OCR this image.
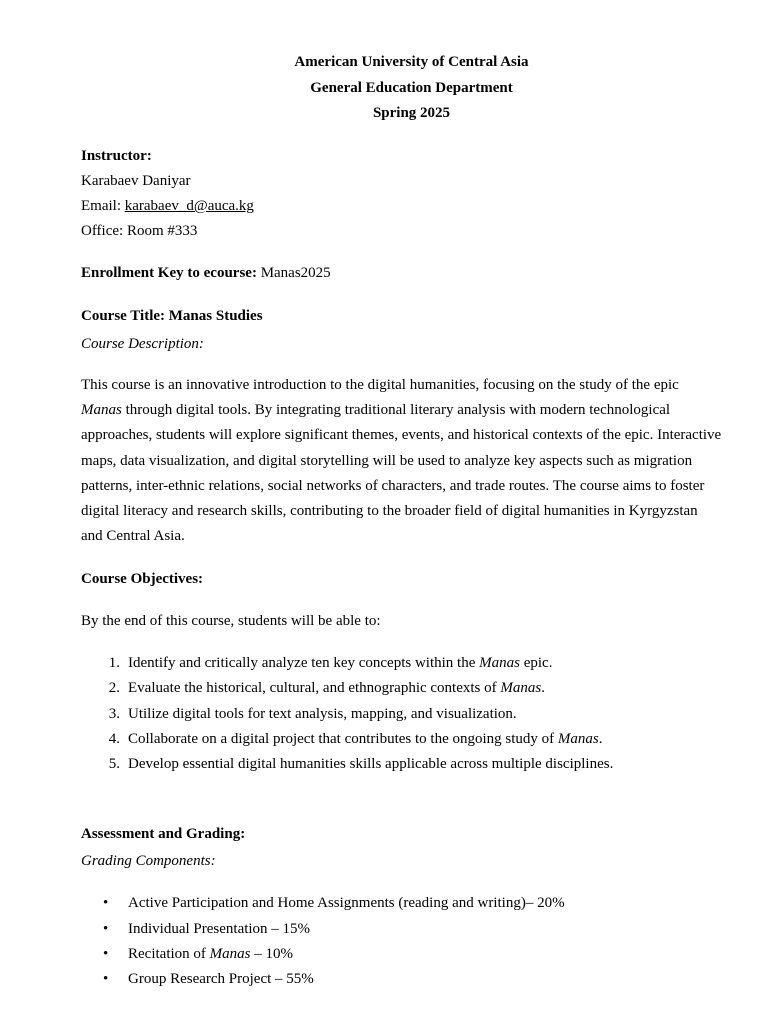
American University of Central Asia
General Education Department
Spring 2025
Instructor:
Karabaev Daniyar
Email: karabaev_d@auca.kg
Office: Room #333
Enrollment Key to ecourse: Manas2025
Course Title: Manas Studies
Course Description:
This course is an innovative introduction to the digital humanities, focusing on the study of the epic
Manas through digital tools. By integrating traditional literary analysis with modern technological
approaches, students will explore significant themes, events, and historical contexts of the epic. Interactive
maps, data visualization, and digital storytelling will be used to analyze key aspects such as migration
patterns, inter-ethnic relations, social networks of characters, and trade routes. The course aims to foster
digital literacy and research skills, contributing to the broader field of digital humanities in Kyrgyzstan
and Central Asia.
Course Objectives:
By the end of this course, students will be able to:
1. Identify and critically analyze ten key concepts within the Manas epic.
2. Evaluate the historical, cultural, and ethnographic contexts of Manas.
3. Utilize digital tools for text analysis, mapping, and visualization.
4. Collaborate on a digital project that contributes to the ongoing study of Manas.
5. Develop essential digital humanities skills applicable across multiple disciplines.
Assessment and Grading:
Grading Components:
• Active Participation and Home Assignments (reading and writing)– 20%
• Individual Presentation – 15%
• Recitation of Manas – 10%
• Group Research Project – 55%
